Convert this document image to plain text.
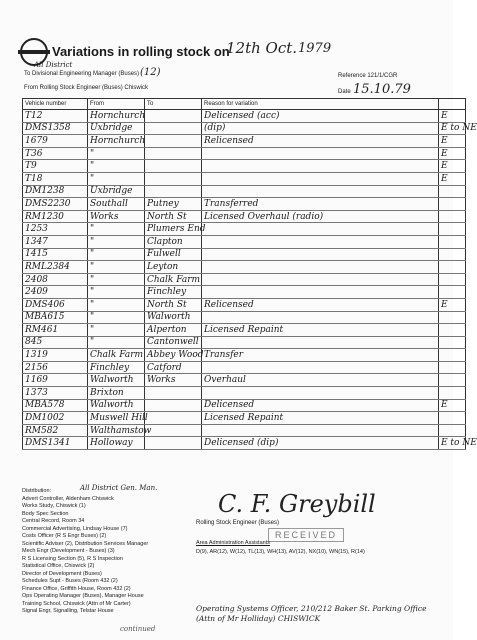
Variations in rolling stock on
12th Oct. 1979
All District
To Divisional Engineering Manager (Buses) (12)
From Rolling Stock Engineer (Buses) Chiswick
Reference 121/1/CGR
Date 15.10.79
Vehicle number	From	To	Reason for variation	
T12	Hornchurch		Delicensed (acc)	E
DMS1358	Uxbridge		(dip)	E to NE
1679	Hornchurch		Relicensed	E
T36	"			E
T9	"			E
T18	"			E
DM1238	Uxbridge			
DMS2230	Southall	Putney	Transferred	
RM1230	Works	North St	Licensed Overhaul (radio)	
1253	"	Plumers End		
1347	"	Clapton		
1415	"	Fulwell		
RML2384	"	Leyton		
2408	"	Chalk Farm		
2409	"	Finchley		
DMS406	"	North St	Relicensed	E
MBA615	"	Walworth		
RM461	"	Alperton	Licensed Repaint	
845	"	Cantonwell		
1319	Chalk Farm	Abbey Wood	Transfer	
2156	Finchley	Catford		
1169	Walworth	Works	Overhaul	
1373	Brixton			
MBA578	Walworth		Delicensed	E
DM1002	Muswell Hill		Licensed Repaint	
RM582	Walthamstow			
DMS1341	Holloway		Delicensed (dip)	E to NE
All District Gen. Man.
Distribution:
Advert Controller, Aldenham Chiswick
Works Study, Chiswick (1)
Body Spec Section
Central Record, Room 34
Commercial Advertising, Lindsay House (7)
Costs Officer (R S Engr Buses) (2)
Scientific Adviser (2), Distribution Services Manager
Mech Engr (Development - Buses) (3)
R S Licensing Section (5), R S Inspection
Statistical Office, Chiswick (2)
Director of Development (Buses)
Schedules Supt - Buses (Room 432 (2)
Finance Office, Griffith House, Room 432 (2)
Ops Operating Manager (Buses), Manager House
Training School, Chiswick (Attn of Mr Carter)
Signal Engr, Signalling, Telstar House
C. F. Greybill
Rolling Stock Engineer (Buses)
RECEIVED
Area Administration Assistants
D(9), AR(12), W(12), TL(13), WH(13), AV(12), NX(10), WN(15), R(14)
Operating Systems Officer, 210/212 Baker St. Parking Office (Attn of Mr Holliday) CHISWICK
continued
